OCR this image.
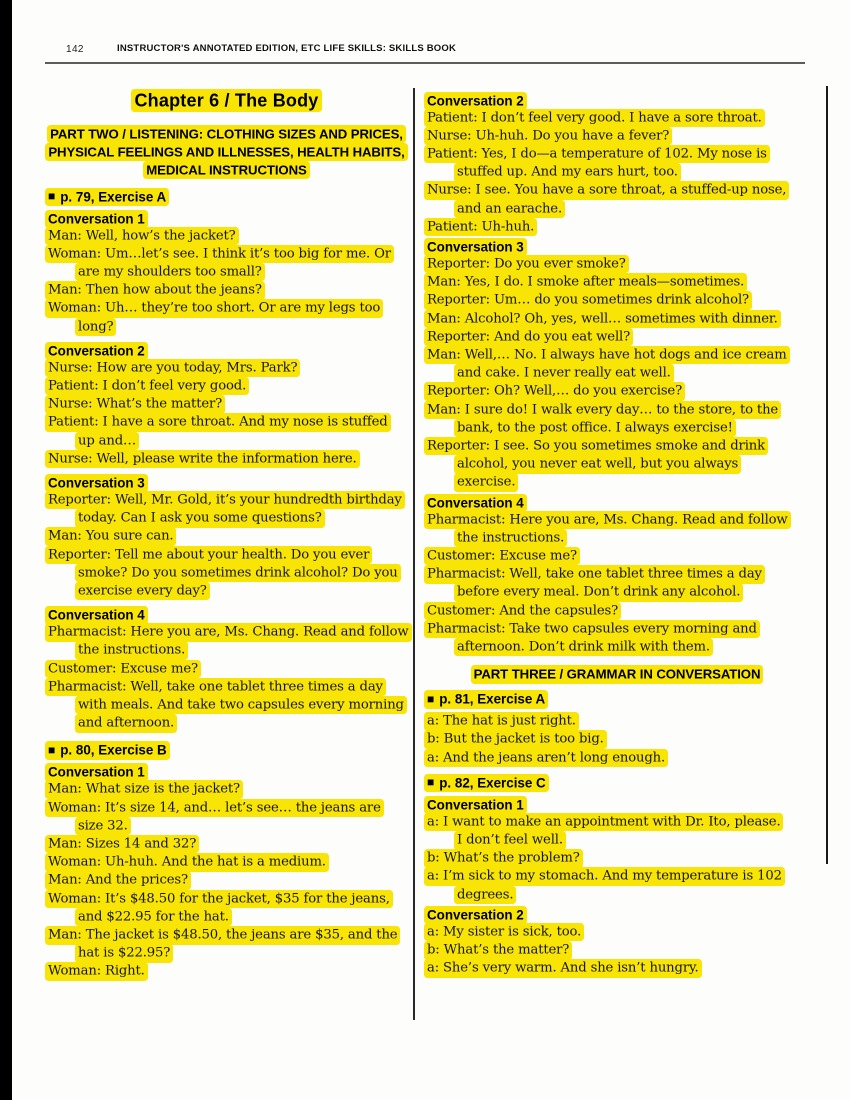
142	INSTRUCTOR'S ANNOTATED EDITION, ETC LIFE SKILLS: SKILLS BOOK
Chapter 6 / The Body
PART TWO / LISTENING: CLOTHING SIZES AND PRICES,
PHYSICAL FEELINGS AND ILLNESSES, HEALTH HABITS,
MEDICAL INSTRUCTIONS
■ p. 79, Exercise A
Conversation 1
Man: Well, how’s the jacket?
Woman: Um…let’s see. I think it’s too big for me. Or
are my shoulders too small?
Man: Then how about the jeans?
Woman: Uh… they’re too short. Or are my legs too
long?
Conversation 2
Nurse: How are you today, Mrs. Park?
Patient: I don’t feel very good.
Nurse: What’s the matter?
Patient: I have a sore throat. And my nose is stuffed
up and…
Nurse: Well, please write the information here.
Conversation 3
Reporter: Well, Mr. Gold, it’s your hundredth birthday
today. Can I ask you some questions?
Man: You sure can.
Reporter: Tell me about your health. Do you ever
smoke? Do you sometimes drink alcohol? Do you
exercise every day?
Conversation 4
Pharmacist: Here you are, Ms. Chang. Read and follow
the instructions.
Customer: Excuse me?
Pharmacist: Well, take one tablet three times a day
with meals. And take two capsules every morning
and afternoon.
■ p. 80, Exercise B
Conversation 1
Man: What size is the jacket?
Woman: It’s size 14, and… let’s see… the jeans are
size 32.
Man: Sizes 14 and 32?
Woman: Uh-huh. And the hat is a medium.
Man: And the prices?
Woman: It’s $48.50 for the jacket, $35 for the jeans,
and $22.95 for the hat.
Man: The jacket is $48.50, the jeans are $35, and the
hat is $22.95?
Woman: Right.
Conversation 2
Patient: I don’t feel very good. I have a sore throat.
Nurse: Uh-huh. Do you have a fever?
Patient: Yes, I do—a temperature of 102. My nose is
stuffed up. And my ears hurt, too.
Nurse: I see. You have a sore throat, a stuffed-up nose,
and an earache.
Patient: Uh-huh.
Conversation 3
Reporter: Do you ever smoke?
Man: Yes, I do. I smoke after meals—sometimes.
Reporter: Um… do you sometimes drink alcohol?
Man: Alcohol? Oh, yes, well… sometimes with dinner.
Reporter: And do you eat well?
Man: Well,… No. I always have hot dogs and ice cream
and cake. I never really eat well.
Reporter: Oh? Well,… do you exercise?
Man: I sure do! I walk every day… to the store, to the
bank, to the post office. I always exercise!
Reporter: I see. So you sometimes smoke and drink
alcohol, you never eat well, but you always
exercise.
Conversation 4
Pharmacist: Here you are, Ms. Chang. Read and follow
the instructions.
Customer: Excuse me?
Pharmacist: Well, take one tablet three times a day
before every meal. Don’t drink any alcohol.
Customer: And the capsules?
Pharmacist: Take two capsules every morning and
afternoon. Don’t drink milk with them.
PART THREE / GRAMMAR IN CONVERSATION
■ p. 81, Exercise A
a: The hat is just right.
b: But the jacket is too big.
a: And the jeans aren’t long enough.
■ p. 82, Exercise C
Conversation 1
a: I want to make an appointment with Dr. Ito, please.
I don’t feel well.
b: What’s the problem?
a: I’m sick to my stomach. And my temperature is 102
degrees.
Conversation 2
a: My sister is sick, too.
b: What’s the matter?
a: She’s very warm. And she isn’t hungry.
